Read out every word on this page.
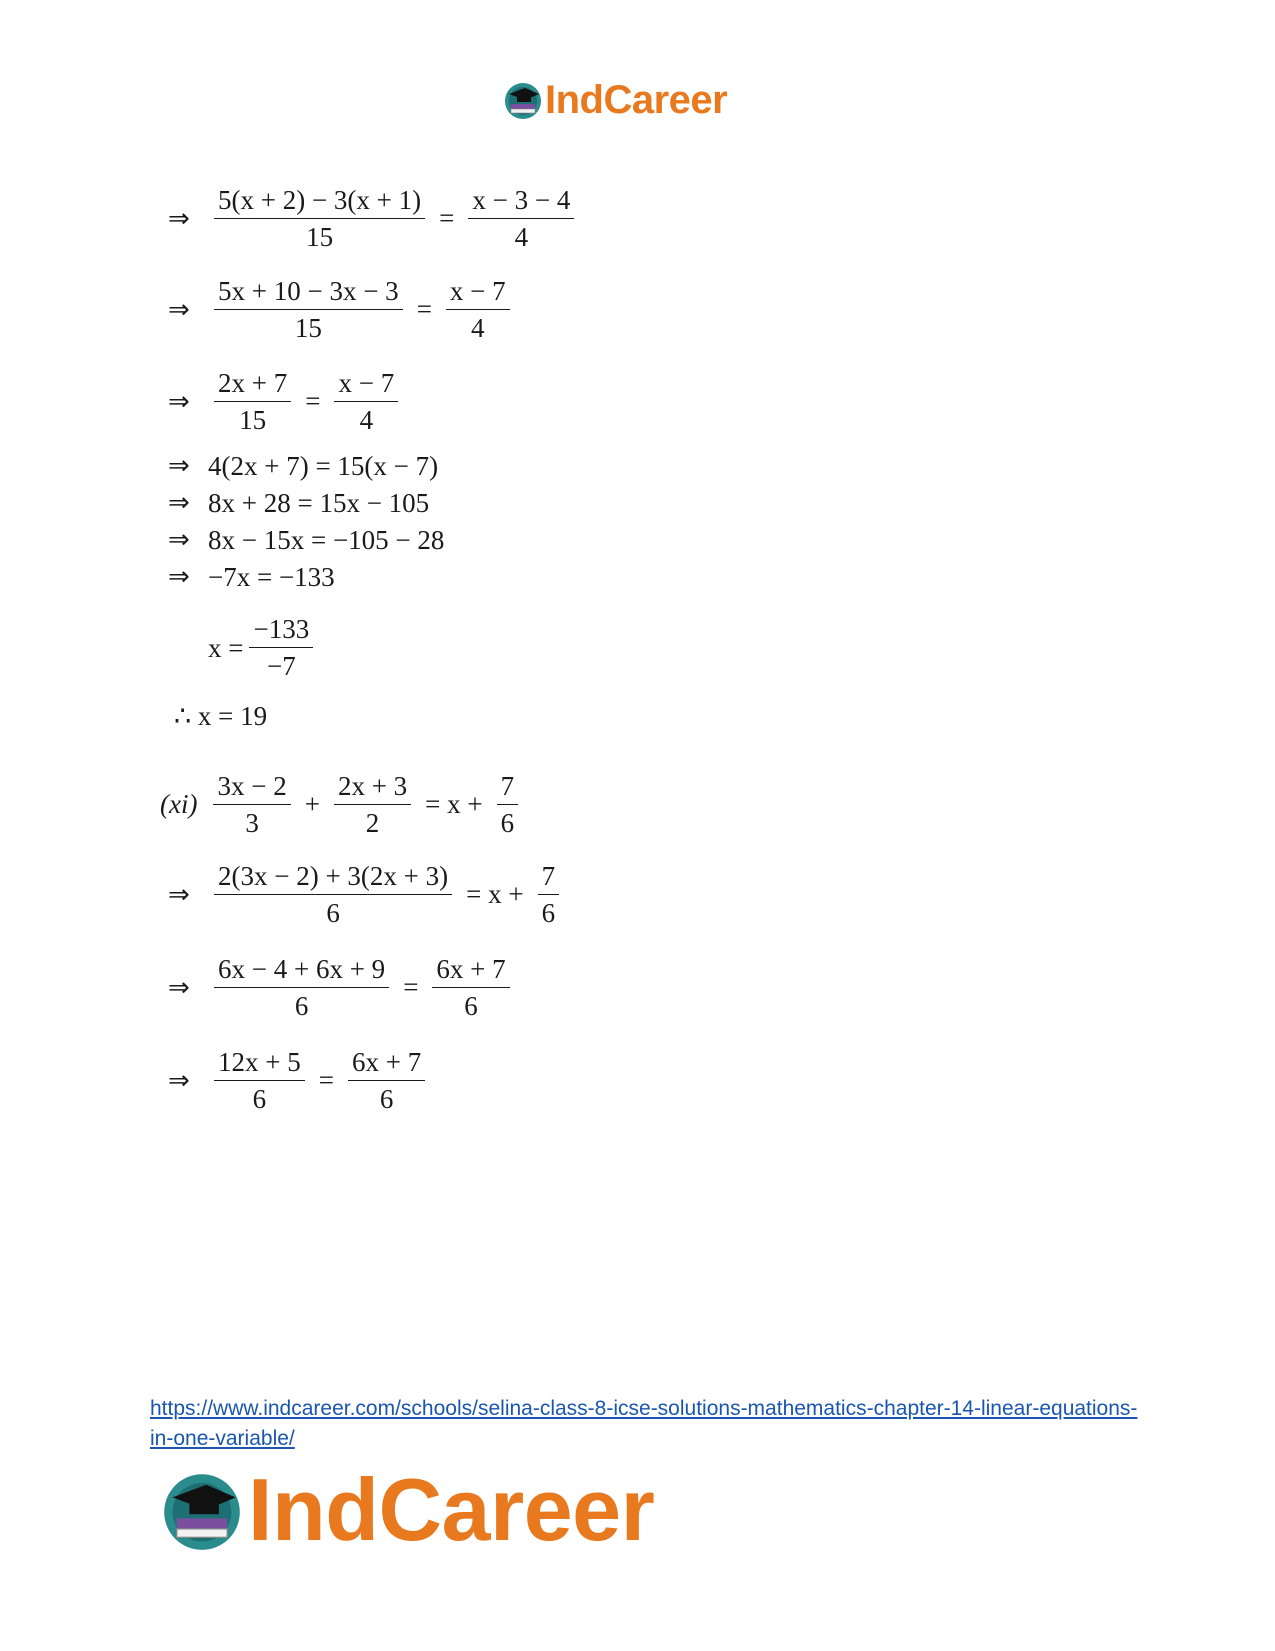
IndCareer
⇒ $\frac{5(x + 2) - 3(x + 1)}{15} = \frac{x - 3 - 4}{4}$
⇒ $\frac{5x + 10 - 3x - 3}{15} = \frac{x - 7}{4}$
⇒ $\frac{2x + 7}{15} = \frac{x - 7}{4}$
⇒ 4(2x + 7) = 15(x − 7)
⇒ 8x + 28 = 15x − 105
⇒ 8x − 15x = −105 − 28
⇒ −7x = −133
$x = \frac{-133}{-7}$
∴ x = 19
$(xi) \frac{3x - 2}{3} + \frac{2x + 3}{2} = x + \frac{7}{6}$
⇒ $\frac{2(3x - 2) + 3(2x + 3)}{6} = x + \frac{7}{6}$
⇒ $\frac{6x - 4 + 6x + 9}{6} = \frac{6x + 7}{6}$
⇒ $\frac{12x + 5}{6} = \frac{6x + 7}{6}$
https://www.indcareer.com/schools/selina-class-8-icse-solutions-mathematics-chapter-14-linear-equations-in-one-variable/
IndCareer
